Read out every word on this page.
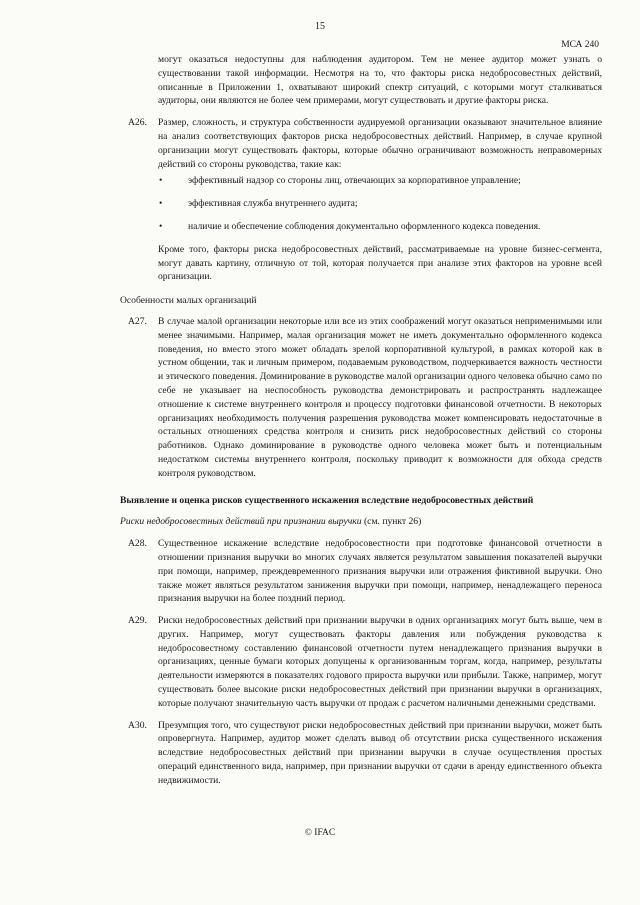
15
МСА 240

могут оказаться недоступны для наблюдения аудитором. Тем не менее аудитор может узнать о существовании такой информации. Несмотря на то, что факторы риска недобросовестных действий, описанные в Приложении 1, охватывают широкий спектр ситуаций, с которыми могут сталкиваться аудиторы, они являются не более чем примерами, могут существовать и другие факторы риска.

A26. Размер, сложность, и структура собственности аудируемой организации оказывают значительное влияние на анализ соответствующих факторов риска недобросовестных действий. Например, в случае крупной организации могут существовать факторы, которые обычно ограничивают возможность неправомерных действий со стороны руководства, такие как:

•	эффективный надзор со стороны лиц, отвечающих за корпоративное управление;
•	эффективная служба внутреннего аудита;
•	наличие и обеспечение соблюдения документально оформленного кодекса поведения.

Кроме того, факторы риска недобросовестных действий, рассматриваемые на уровне бизнес-сегмента, могут давать картину, отличную от той, которая получается при анализе этих факторов на уровне всей организации.

Особенности малых организаций

A27. В случае малой организации некоторые или все из этих соображений могут оказаться неприменимыми или менее значимыми. Например, малая организация может не иметь документально оформленного кодекса поведения, но вместо этого может обладать зрелой корпоративной культурой, в рамках которой как в устном общении, так и личным примером, подаваемым руководством, подчеркивается важность честности и этического поведения. Доминирование в руководстве малой организации одного человека обычно само по себе не указывает на неспособность руководства демонстрировать и распространять надлежащее отношение к системе внутреннего контроля и процессу подготовки финансовой отчетности. В некоторых организациях необходимость получения разрешения руководства может компенсировать недостаточные в остальных отношениях средства контроля и снизить риск недобросовестных действий со стороны работников. Однако доминирование в руководстве одного человека может быть и потенциальным недостатком системы внутреннего контроля, поскольку приводит к возможности для обхода средств контроля руководством.

Выявление и оценка рисков существенного искажения вследствие недобросовестных действий

Риски недобросовестных действий при признании выручки (см. пункт 26)

A28. Существенное искажение вследствие недобросовестности при подготовке финансовой отчетности в отношении признания выручки во многих случаях является результатом завышения показателей выручки при помощи, например, преждевременного признания выручки или отражения фиктивной выручки. Оно также может являться результатом занижения выручки при помощи, например, ненадлежащего переноса признания выручки на более поздний период.

A29. Риски недобросовестных действий при признании выручки в одних организациях могут быть выше, чем в других. Например, могут существовать факторы давления или побуждения руководства к недобросовестному составлению финансовой отчетности путем ненадлежащего признания выручки в организациях, ценные бумаги которых допущены к организованным торгам, когда, например, результаты деятельности измеряются в показателях годового прироста выручки или прибыли. Также, например, могут существовать более высокие риски недобросовестных действий при признании выручки в организациях, которые получают значительную часть выручки от продаж с расчетом наличными денежными средствами.

A30. Презумпция того, что существуют риски недобросовестных действий при признании выручки, может быть опровергнута. Например, аудитор может сделать вывод об отсутствии риска существенного искажения вследствие недобросовестных действий при признании выручки в случае осуществления простых операций единственного вида, например, при признании выручки от сдачи в аренду единственного объекта недвижимости.

© IFAC
